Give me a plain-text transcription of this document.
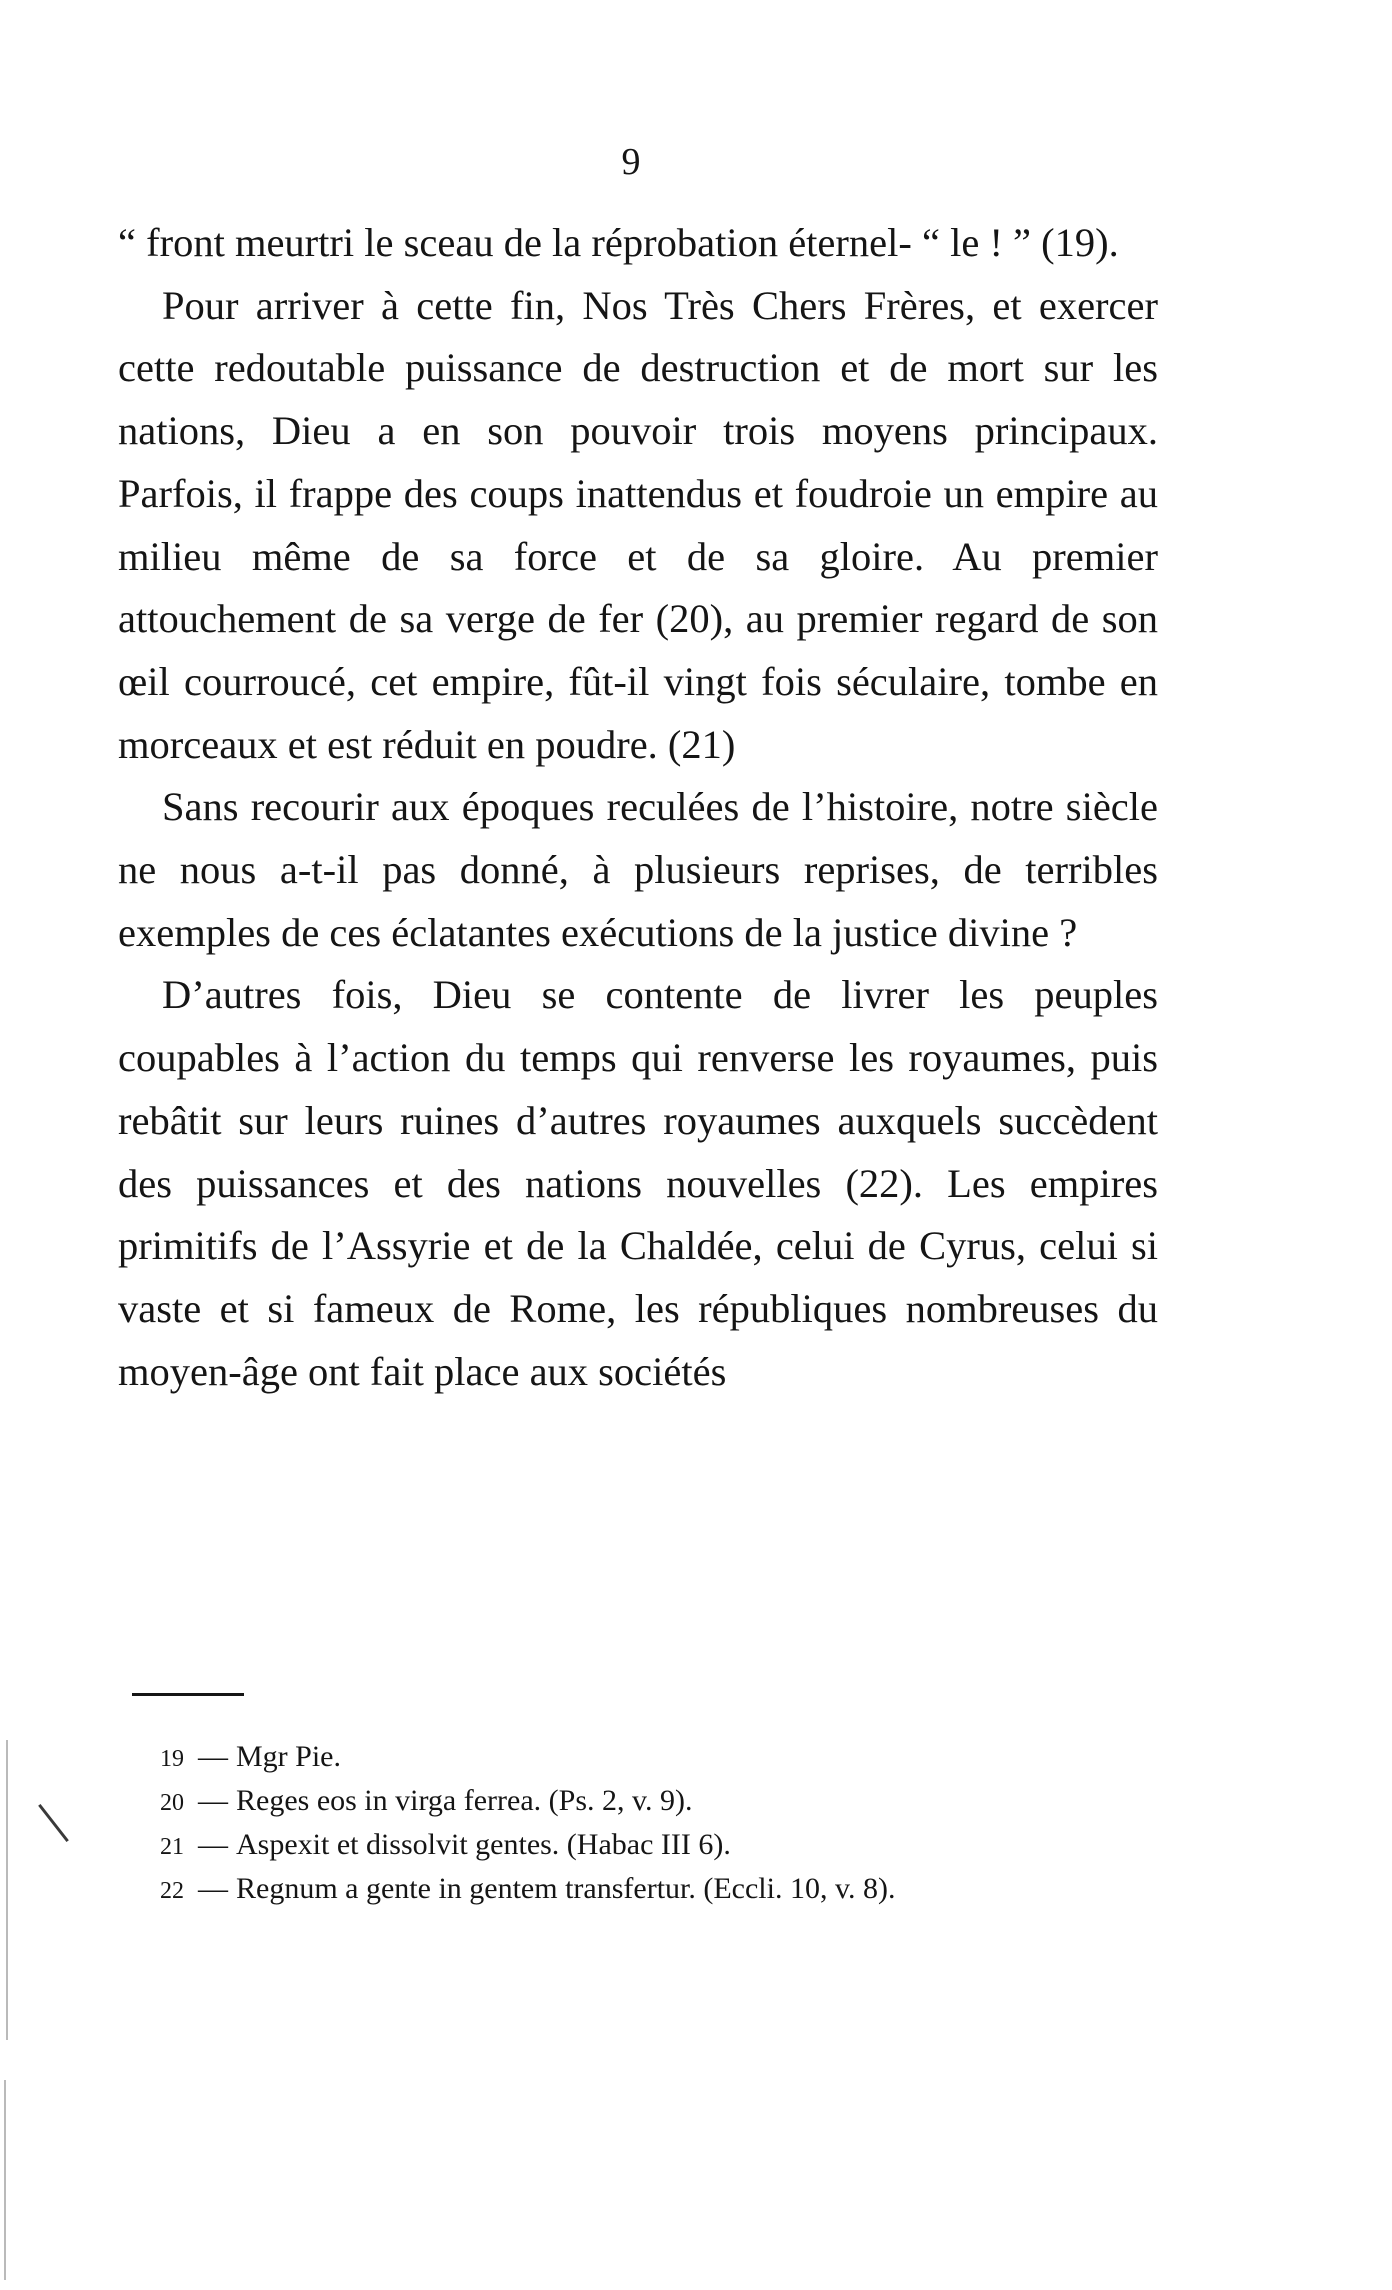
9

“ front meurtri le sceau de la réprobation éternel- “ le ! ” (19).

Pour arriver à cette fin, Nos Très Chers Frères, et exercer cette redoutable puissance de destruction et de mort sur les nations, Dieu a en son pouvoir trois moyens principaux. Parfois, il frappe des coups inattendus et foudroie un empire au milieu même de sa force et de sa gloire. Au premier attouchement de sa verge de fer (20), au premier regard de son œil courroucé, cet empire, fût-il vingt fois séculaire, tombe en morceaux et est réduit en poudre. (21)

Sans recourir aux époques reculées de l’histoire, notre siècle ne nous a-t-il pas donné, à plusieurs reprises, de terribles exemples de ces éclatantes exécutions de la justice divine ?

D’autres fois, Dieu se contente de livrer les peuples coupables à l’action du temps qui renverse les royaumes, puis rebâtit sur leurs ruines d’autres royaumes auxquels succèdent des puissances et des nations nouvelles (22). Les empires primitifs de l’Assyrie et de la Chaldée, celui de Cyrus, celui si vaste et si fameux de Rome, les républiques nombreuses du moyen-âge ont fait place aux sociétés

19 — Mgr Pie.
20 — Reges eos in virga ferrea. (Ps. 2, v. 9).
21 — Aspexit et dissolvit gentes. (Habac III 6).
22 — Regnum a gente in gentem transfertur. (Eccli. 10, v. 8).
